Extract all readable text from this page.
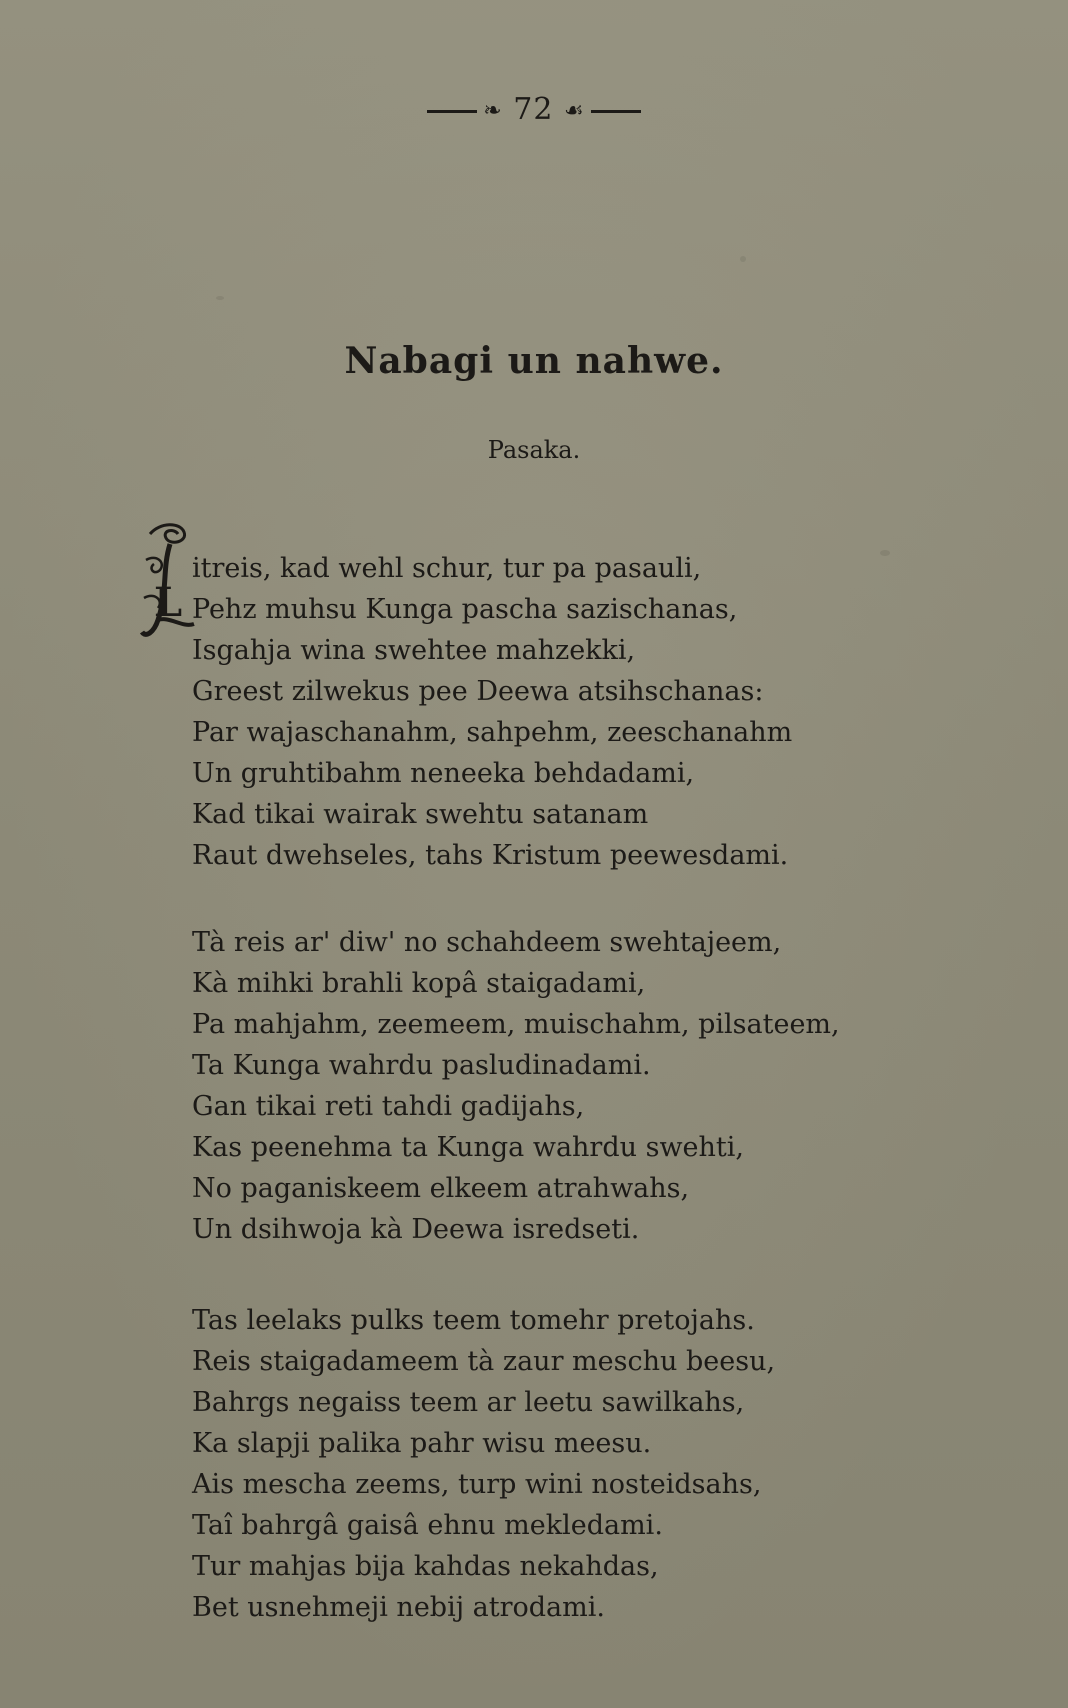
❧ 72 ☙
Nabagi un nahwe.
Pasaka.
L
itreis, kad wehl schur, tur pa pasauli,
Pehz muhsu Kunga pascha sazischanas,
Isgahja wina swehtee mahzekki,
Greest zilwekus pee Deewa atsihschanas:
Par wajaschanahm, sahpehm, zeeschanahm
Un gruhtibahm neneeka behdadami,
Kad tikai wairak swehtu satanam
Raut dwehseles, tahs Kristum peewesdami.
Tà reis ar' diw' no schahdeem swehtajeem,
Kà mihki brahli kopâ staigadami,
Pa mahjahm, zeemeem, muischahm, pilsateem,
Ta Kunga wahrdu pasludinadami.
Gan tikai reti tahdi gadijahs,
Kas peenehma ta Kunga wahrdu swehti,
No paganiskeem elkeem atrahwahs,
Un dsihwoja kà Deewa isredseti.
Tas leelaks pulks teem tomehr pretojahs.
Reis staigadameem tà zaur meschu beesu,
Bahrgs negaiss teem ar leetu sawilkahs,
Ka slapji palika pahr wisu meesu.
Ais mescha zeems, turp wini nosteidsahs,
Taî bahrgâ gaisâ ehnu mekledami.
Tur mahjas bija kahdas nekahdas,
Bet usnehmeji nebij atrodami.
